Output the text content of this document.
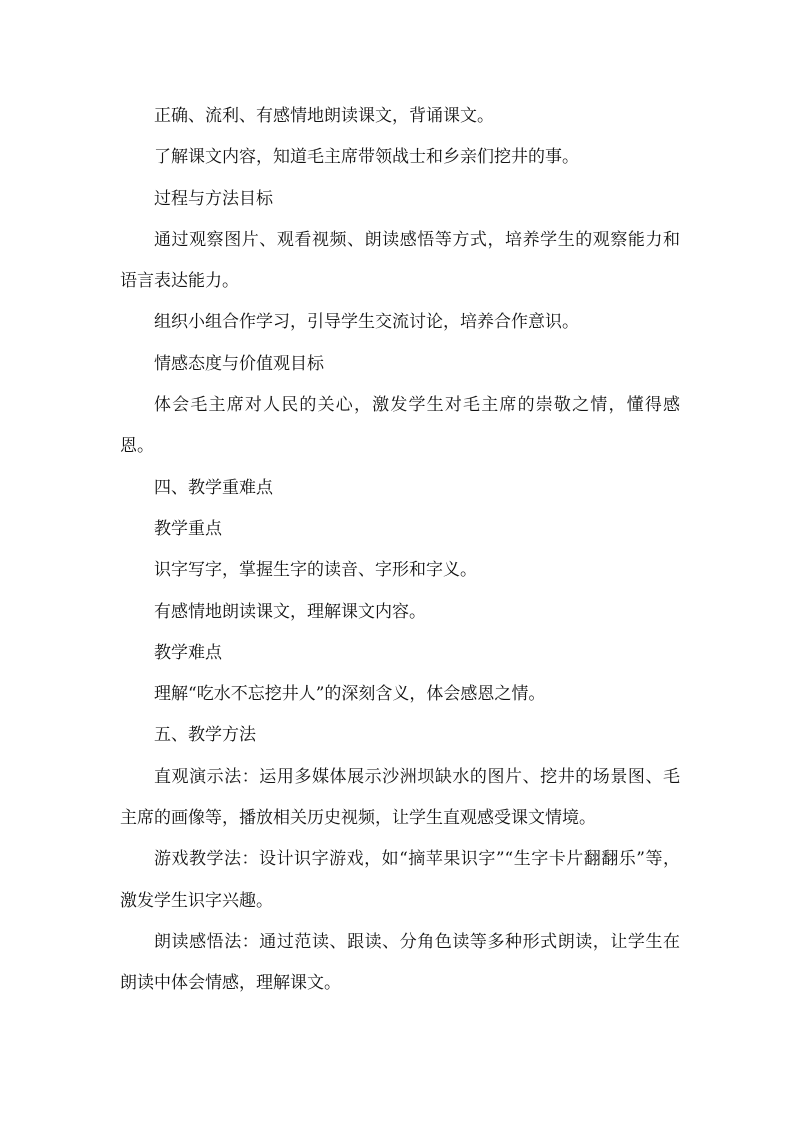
正确、流利、有感情地朗读课文，背诵课文。

了解课文内容，知道毛主席带领战士和乡亲们挖井的事。

过程与方法目标

通过观察图片、观看视频、朗读感悟等方式，培养学生的观察能力和语言表达能力。

组织小组合作学习，引导学生交流讨论，培养合作意识。

情感态度与价值观目标

体会毛主席对人民的关心，激发学生对毛主席的崇敬之情，懂得感恩。

四、教学重难点

教学重点

识字写字，掌握生字的读音、字形和字义。

有感情地朗读课文，理解课文内容。

教学难点

理解“吃水不忘挖井人”的深刻含义，体会感恩之情。

五、教学方法

直观演示法：运用多媒体展示沙洲坝缺水的图片、挖井的场景图、毛主席的画像等，播放相关历史视频，让学生直观感受课文情境。

游戏教学法：设计识字游戏，如“摘苹果识字”“生字卡片翻翻乐”等，激发学生识字兴趣。

朗读感悟法：通过范读、跟读、分角色读等多种形式朗读，让学生在朗读中体会情感，理解课文。
